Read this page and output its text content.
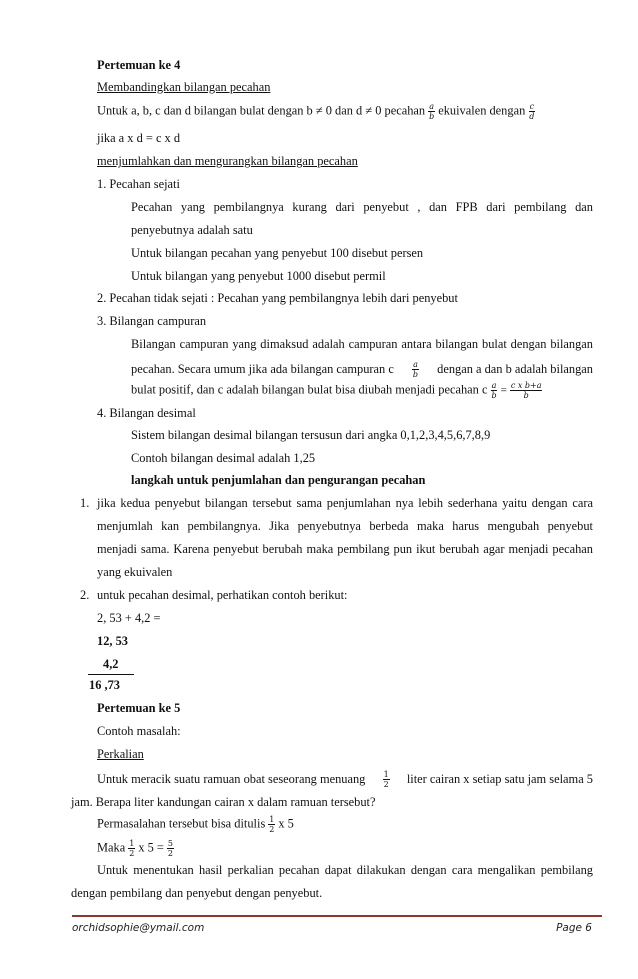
Pertemuan ke 4
Membandingkan bilangan pecahan
Untuk a, b, c dan d bilangan bulat dengan b ≠ 0 dan d ≠ 0 pecahan $\frac{a}{b}$ ekuivalen dengan $\frac{c}{d}$
jika a x d = c x d
menjumlahkan dan mengurangkan bilangan pecahan
1. Pecahan sejati
Pecahan yang pembilangnya kurang dari penyebut , dan FPB dari pembilang dan
penyebutnya adalah satu
Untuk bilangan pecahan yang penyebut 100 disebut persen
Untuk bilangan yang penyebut 1000 disebut permil
2. Pecahan tidak sejati : Pecahan yang pembilangnya lebih dari penyebut
3. Bilangan campuran
Bilangan campuran yang dimaksud adalah campuran antara bilangan bulat dengan bilangan
pecahan. Secara umum jika ada bilangan campuran c $\frac{a}{b}$ dengan a dan b adalah bilangan
bulat positif, dan c adalah bilangan bulat bisa diubah menjadi pecahan c $\frac{a}{b} = \frac{\text{c x b+a}}{b}$
4. Bilangan desimal
Sistem bilangan desimal bilangan tersusun dari angka 0,1,2,3,4,5,6,7,8,9
Contoh bilangan desimal adalah 1,25
langkah untuk penjumlahan dan pengurangan pecahan
1. jika kedua penyebut bilangan tersebut sama penjumlahan nya lebih sederhana yaitu dengan cara
menjumlah kan pembilangnya. Jika penyebutnya berbeda maka harus mengubah penyebut
menjadi sama. Karena penyebut berubah maka pembilang pun ikut berubah agar menjadi pecahan
yang ekuivalen
2. untuk pecahan desimal, perhatikan contoh berikut:
2, 53 + 4,2 =
12, 53
4,2
16 ,73
Pertemuan ke 5
Contoh masalah:
Perkalian
Untuk meracik suatu ramuan obat seseorang menuang $\frac{1}{2}$ liter cairan x setiap satu jam selama 5
jam. Berapa liter kandungan cairan x dalam ramuan tersebut?
Permasalahan tersebut bisa ditulis $\frac{1}{2}$ x 5
Maka $\frac{1}{2}$ x $5 = \frac{5}{2}$
Untuk menentukan hasil perkalian pecahan dapat dilakukan dengan cara mengalikan pembilang
dengan pembilang dan penyebut dengan penyebut.
orchidsophie@ymail.com	Page 6
